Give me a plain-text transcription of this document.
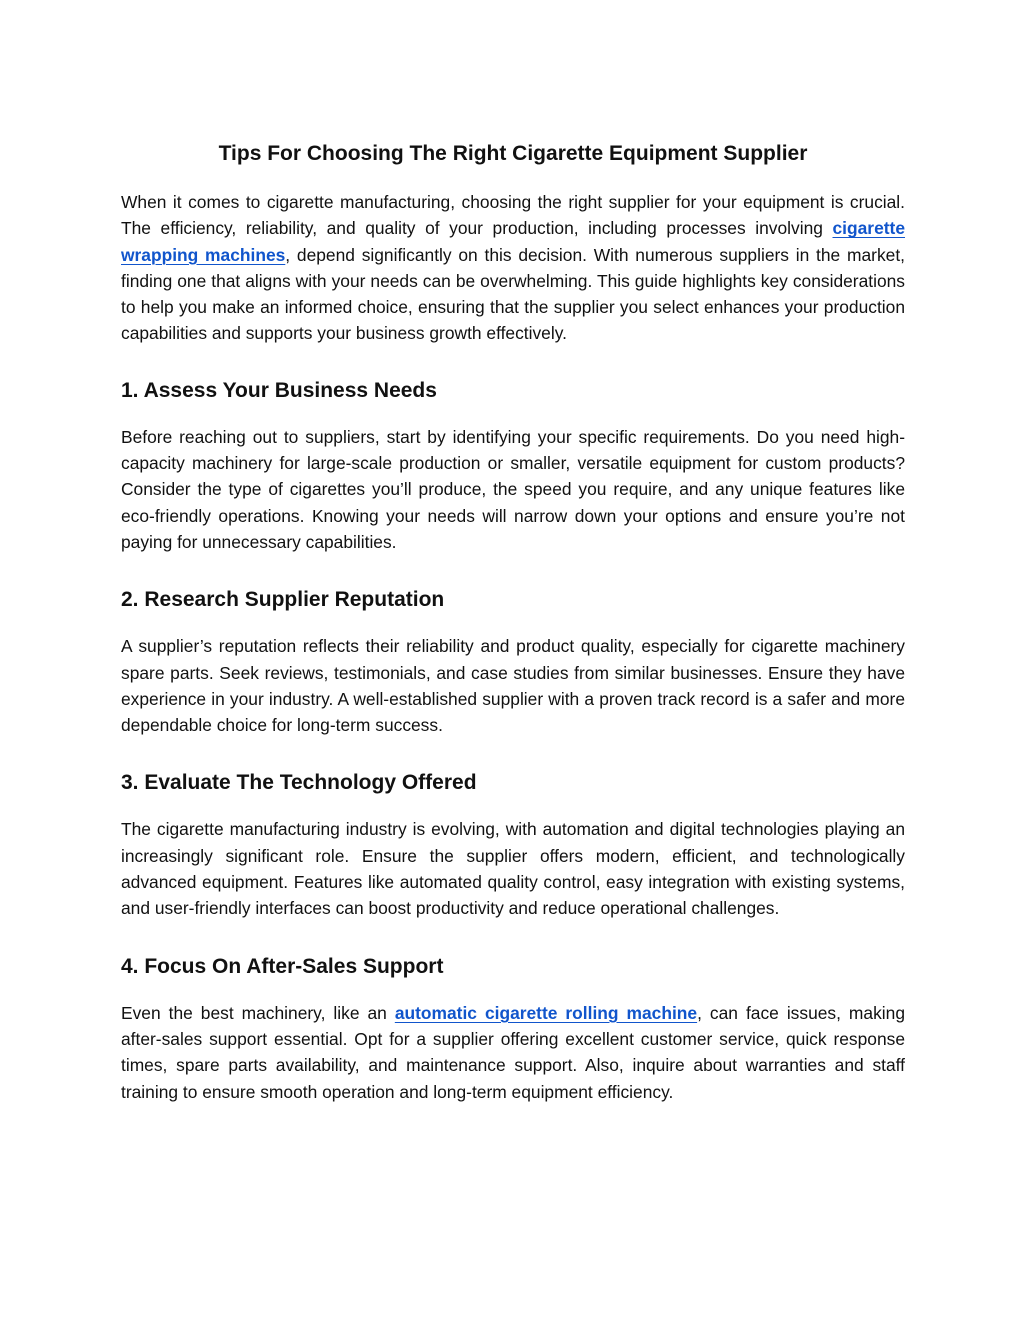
Tips For Choosing The Right Cigarette Equipment Supplier

When it comes to cigarette manufacturing, choosing the right supplier for your equipment is crucial. The efficiency, reliability, and quality of your production, including processes involving cigarette wrapping machines, depend significantly on this decision. With numerous suppliers in the market, finding one that aligns with your needs can be overwhelming. This guide highlights key considerations to help you make an informed choice, ensuring that the supplier you select enhances your production capabilities and supports your business growth effectively.

1. Assess Your Business Needs

Before reaching out to suppliers, start by identifying your specific requirements. Do you need high-capacity machinery for large-scale production or smaller, versatile equipment for custom products? Consider the type of cigarettes you’ll produce, the speed you require, and any unique features like eco-friendly operations. Knowing your needs will narrow down your options and ensure you’re not paying for unnecessary capabilities.

2. Research Supplier Reputation

A supplier’s reputation reflects their reliability and product quality, especially for cigarette machinery spare parts. Seek reviews, testimonials, and case studies from similar businesses. Ensure they have experience in your industry. A well-established supplier with a proven track record is a safer and more dependable choice for long-term success.

3. Evaluate The Technology Offered

The cigarette manufacturing industry is evolving, with automation and digital technologies playing an increasingly significant role. Ensure the supplier offers modern, efficient, and technologically advanced equipment. Features like automated quality control, easy integration with existing systems, and user-friendly interfaces can boost productivity and reduce operational challenges.

4. Focus On After-Sales Support

Even the best machinery, like an automatic cigarette rolling machine, can face issues, making after-sales support essential. Opt for a supplier offering excellent customer service, quick response times, spare parts availability, and maintenance support. Also, inquire about warranties and staff training to ensure smooth operation and long-term equipment efficiency.
